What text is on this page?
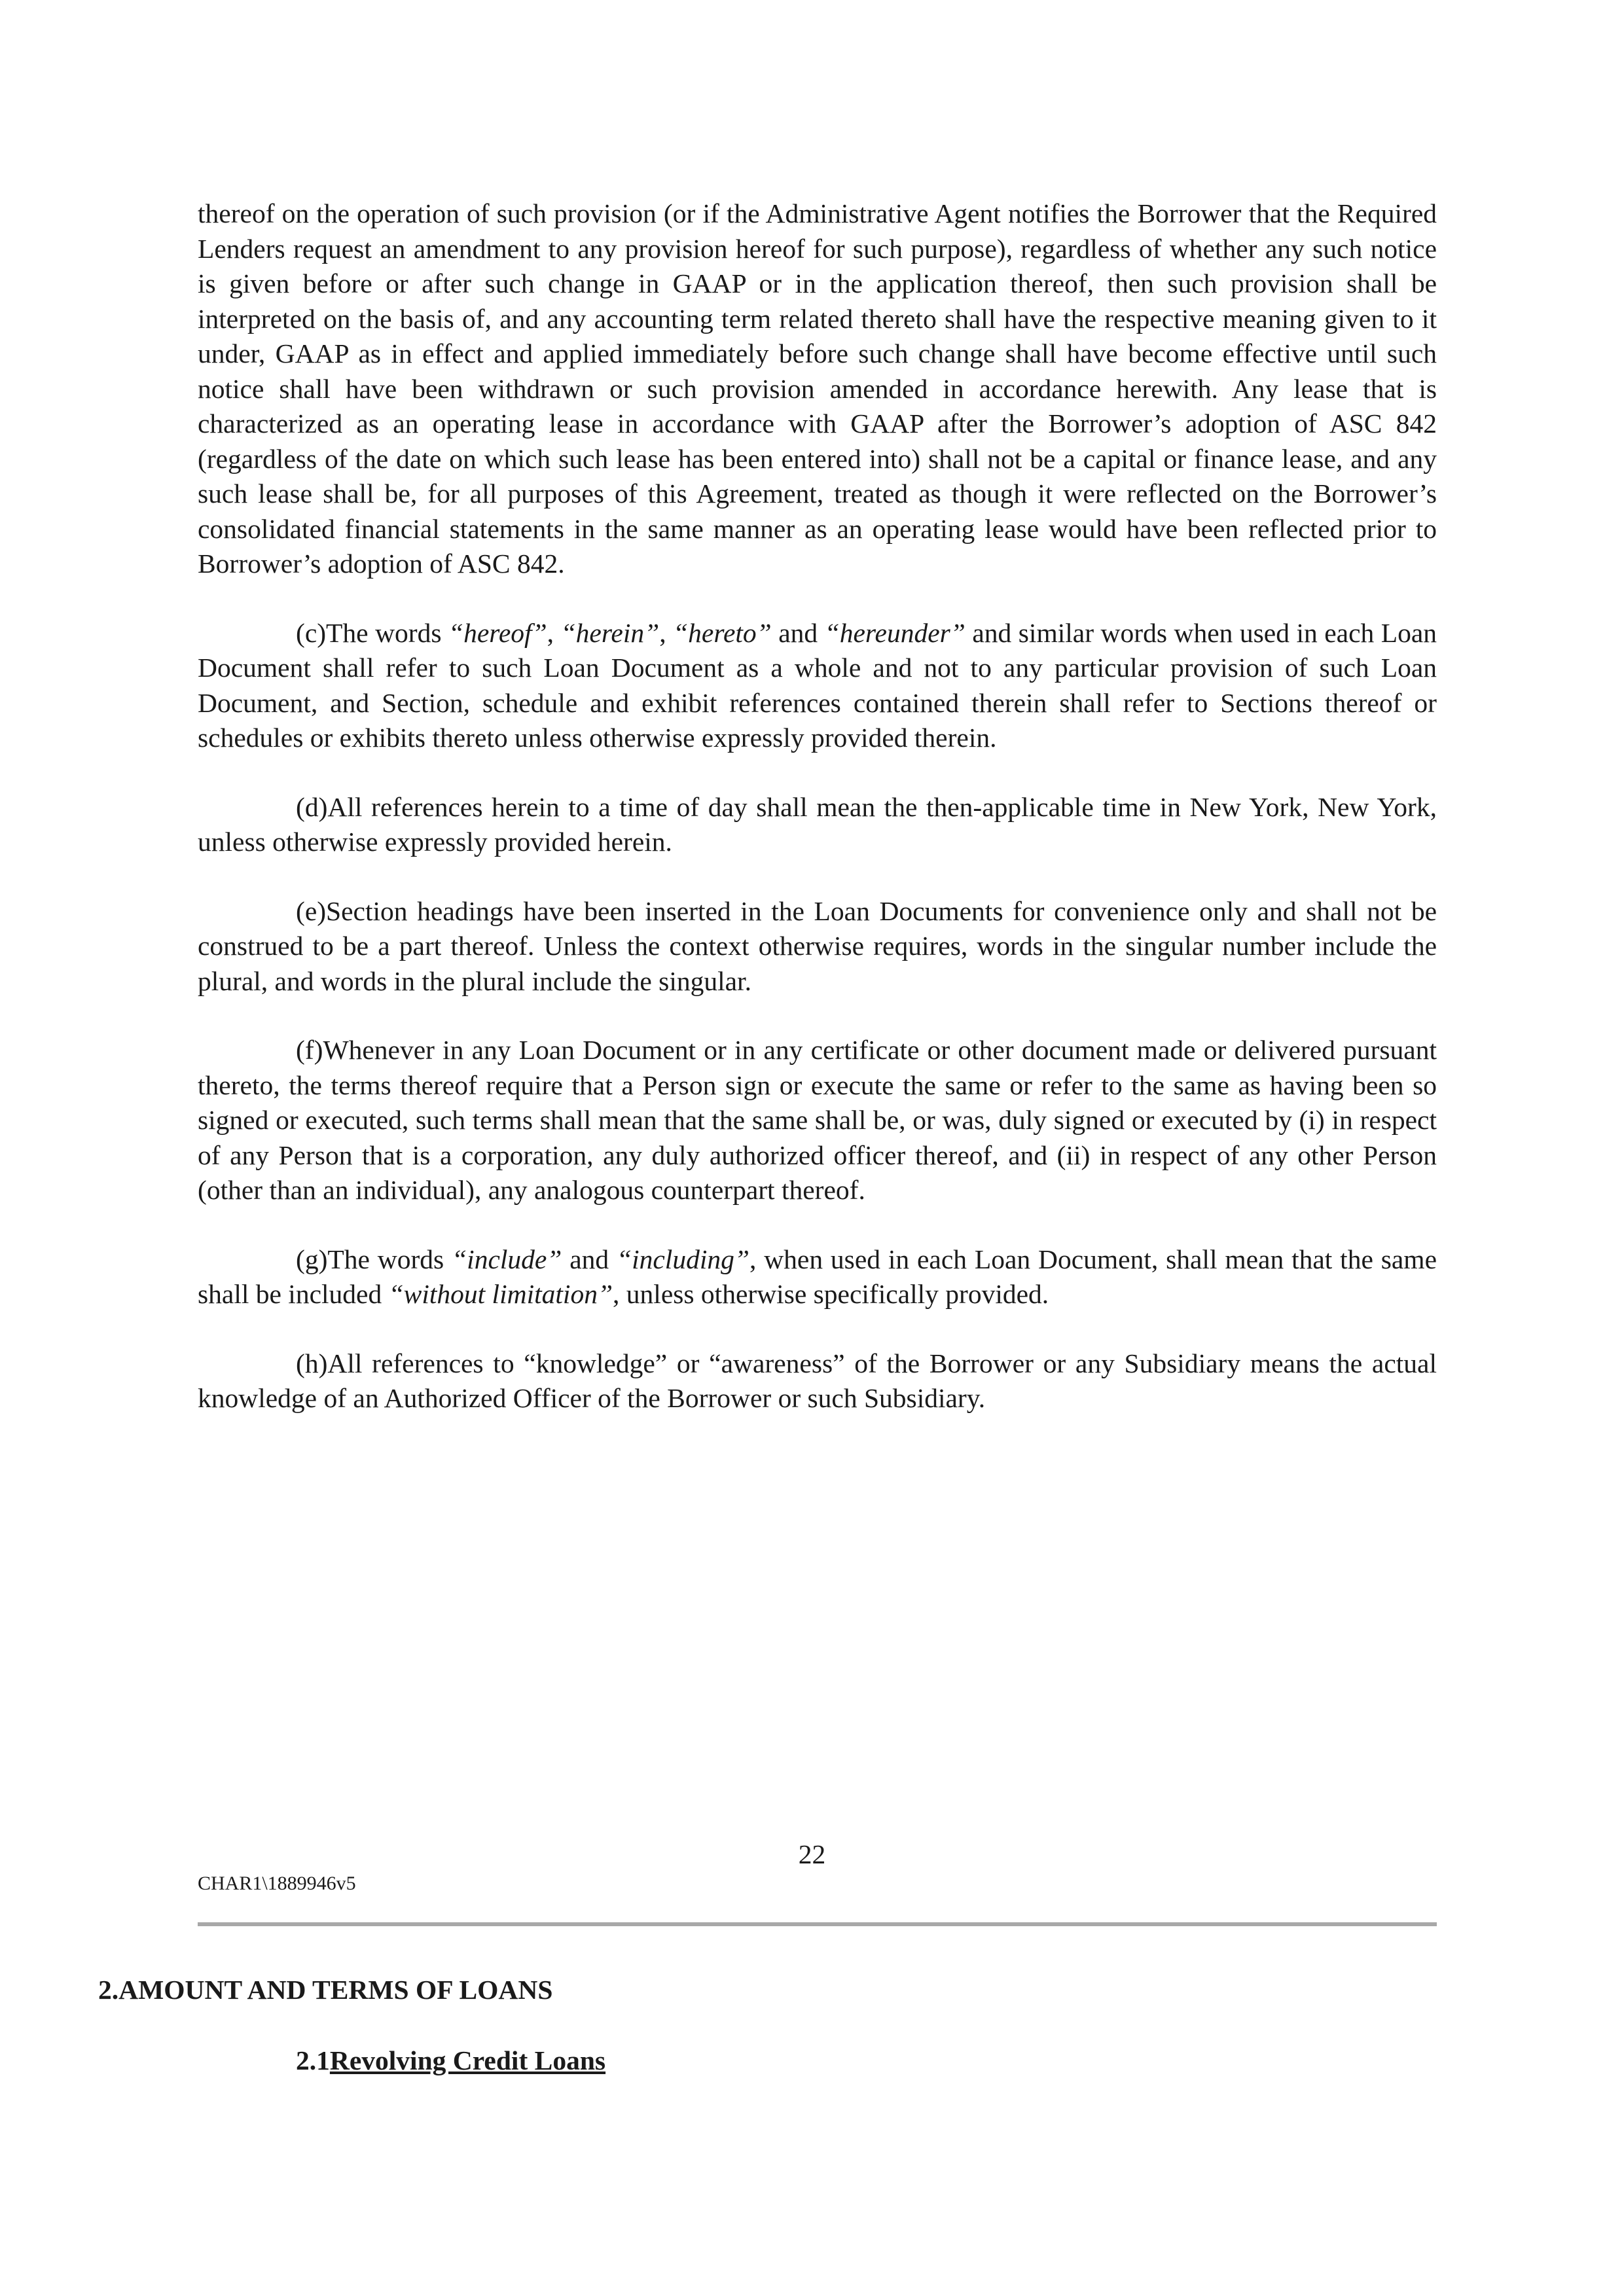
thereof on the operation of such provision (or if the Administrative Agent notifies the Borrower that the Required Lenders request an amendment to any provision hereof for such purpose), regardless of whether any such notice is given before or after such change in GAAP or in the application thereof, then such provision shall be interpreted on the basis of, and any accounting term related thereto shall have the respective meaning given to it under, GAAP as in effect and applied immediately before such change shall have become effective until such notice shall have been withdrawn or such provision amended in accordance herewith. Any lease that is characterized as an operating lease in accordance with GAAP after the Borrower’s adoption of ASC 842 (regardless of the date on which such lease has been entered into) shall not be a capital or finance lease, and any such lease shall be, for all purposes of this Agreement, treated as though it were reflected on the Borrower’s consolidated financial statements in the same manner as an operating lease would have been reflected prior to Borrower’s adoption of ASC 842.

(c)The words “hereof”, “herein”, “hereto” and “hereunder” and similar words when used in each Loan Document shall refer to such Loan Document as a whole and not to any particular provision of such Loan Document, and Section, schedule and exhibit references contained therein shall refer to Sections thereof or schedules or exhibits thereto unless otherwise expressly provided therein.

(d)All references herein to a time of day shall mean the then-applicable time in New York, New York, unless otherwise expressly provided herein.

(e)Section headings have been inserted in the Loan Documents for convenience only and shall not be construed to be a part thereof. Unless the context otherwise requires, words in the singular number include the plural, and words in the plural include the singular.

(f)Whenever in any Loan Document or in any certificate or other document made or delivered pursuant thereto, the terms thereof require that a Person sign or execute the same or refer to the same as having been so signed or executed, such terms shall mean that the same shall be, or was, duly signed or executed by (i) in respect of any Person that is a corporation, any duly authorized officer thereof, and (ii) in respect of any other Person (other than an individual), any analogous counterpart thereof.

(g)The words “include” and “including”, when used in each Loan Document, shall mean that the same shall be included “without limitation”, unless otherwise specifically provided.

(h)All references to “knowledge” or “awareness” of the Borrower or any Subsidiary means the actual knowledge of an Authorized Officer of the Borrower or such Subsidiary.

22
CHAR1\1889946v5
2.AMOUNT AND TERMS OF LOANS
2.1Revolving Credit Loans
